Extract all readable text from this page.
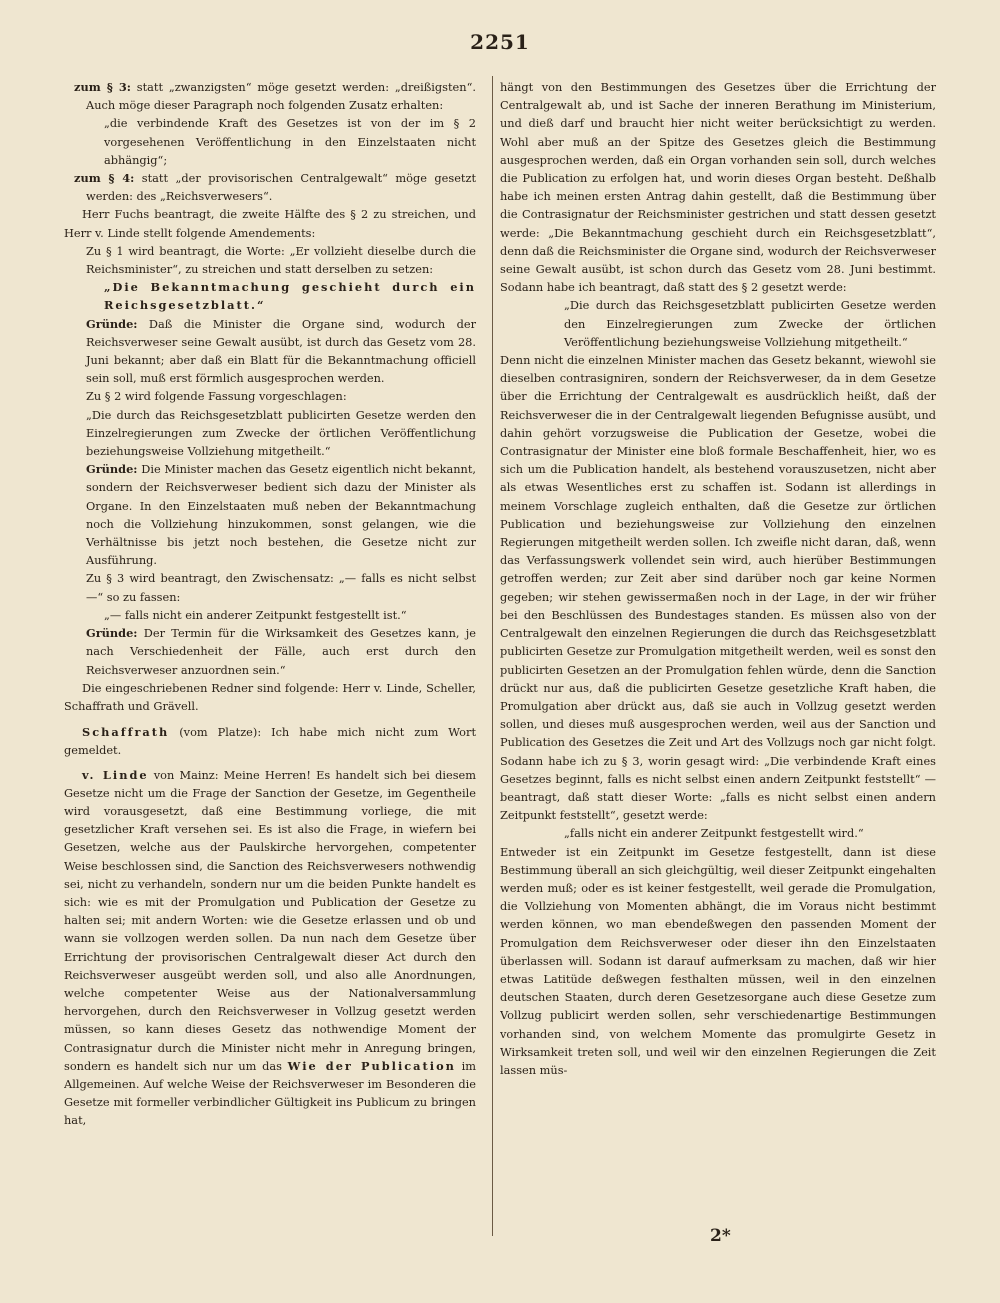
2251

zum § 3: statt „zwanzigsten“ möge gesetzt werden: „dreißigsten“. Auch möge dieser Paragraph noch folgenden Zusatz erhalten:

„die verbindende Kraft des Gesetzes ist von der im § 2 vorgesehenen Veröffentlichung in den Einzelstaaten nicht abhängig“;

zum § 4: statt „der provisorischen Centralgewalt“ möge gesetzt werden: des „Reichsverwesers“.

Herr Fuchs beantragt, die zweite Hälfte des § 2 zu streichen, und Herr v. Linde stellt folgende Amendements:

Zu § 1 wird beantragt, die Worte: „Er vollzieht dieselbe durch die Reichsminister“, zu streichen und statt derselben zu setzen:

„Die Bekanntmachung geschieht durch ein Reichsgesetzblatt.“

Gründe: Daß die Minister die Organe sind, wodurch der Reichsverweser seine Gewalt ausübt, ist durch das Gesetz vom 28. Juni bekannt; aber daß ein Blatt für die Bekanntmachung officiell sein soll, muß erst förmlich ausgesprochen werden.

Zu § 2 wird folgende Fassung vorgeschlagen:

„Die durch das Reichsgesetzblatt publicirten Gesetze werden den Einzelregierungen zum Zwecke der örtlichen Veröffentlichung beziehungsweise Vollziehung mitgetheilt.“

Gründe: Die Minister machen das Gesetz eigentlich nicht bekannt, sondern der Reichsverweser bedient sich dazu der Minister als Organe. In den Einzelstaaten muß neben der Bekanntmachung noch die Vollziehung hinzukommen, sonst gelangen, wie die Verhältnisse bis jetzt noch bestehen, die Gesetze nicht zur Ausführung.

Zu § 3 wird beantragt, den Zwischensatz: „— falls es nicht selbst —“ so zu fassen:

„— falls nicht ein anderer Zeitpunkt festgestellt ist.“

Gründe: Der Termin für die Wirksamkeit des Gesetzes kann, je nach Verschiedenheit der Fälle, auch erst durch den Reichsverweser anzuordnen sein.“

Die eingeschriebenen Redner sind folgende: Herr v. Linde, Scheller, Schaffrath und Grävell.

Schaffrath (vom Platze): Ich habe mich nicht zum Wort gemeldet.

v. Linde von Mainz: Meine Herren! Es handelt sich bei diesem Gesetze nicht um die Frage der Sanction der Gesetze, im Gegentheile wird vorausgesetzt, daß eine Bestimmung vorliege, die mit gesetzlicher Kraft versehen sei. Es ist also die Frage, in wiefern bei Gesetzen, welche aus der Paulskirche hervorgehen, competenter Weise beschlossen sind, die Sanction des Reichsverwesers nothwendig sei, nicht zu verhandeln, sondern nur um die beiden Punkte handelt es sich: wie es mit der Promulgation und Publication der Gesetze zu halten sei; mit andern Worten: wie die Gesetze erlassen und ob und wann sie vollzogen werden sollen. Da nun nach dem Gesetze über Errichtung der provisorischen Centralgewalt dieser Act durch den Reichsverweser ausgeübt werden soll, und also alle Anordnungen, welche competenter Weise aus der Nationalversammlung hervorgehen, durch den Reichsverweser in Vollzug gesetzt werden müssen, so kann dieses Gesetz das nothwendige Moment der Contrasignatur durch die Minister nicht mehr in Anregung bringen, sondern es handelt sich nur um das Wie der Publication im Allgemeinen. Auf welche Weise der Reichsverweser im Besonderen die Gesetze mit formeller verbindlicher Gültigkeit ins Publicum zu bringen hat,

hängt von den Bestimmungen des Gesetzes über die Errichtung der Centralgewalt ab, und ist Sache der inneren Berathung im Ministerium, und dieß darf und braucht hier nicht weiter berücksichtigt zu werden. Wohl aber muß an der Spitze des Gesetzes gleich die Bestimmung ausgesprochen werden, daß ein Organ vorhanden sein soll, durch welches die Publication zu erfolgen hat, und worin dieses Organ besteht. Deßhalb habe ich meinen ersten Antrag dahin gestellt, daß die Bestimmung über die Contrasignatur der Reichsminister gestrichen und statt dessen gesetzt werde: „Die Bekanntmachung geschieht durch ein Reichsgesetzblatt“, denn daß die Reichsminister die Organe sind, wodurch der Reichsverweser seine Gewalt ausübt, ist schon durch das Gesetz vom 28. Juni bestimmt. Sodann habe ich beantragt, daß statt des § 2 gesetzt werde:

„Die durch das Reichsgesetzblatt publicirten Gesetze werden den Einzelregierungen zum Zwecke der örtlichen Veröffentlichung beziehungsweise Vollziehung mitgetheilt.“

Denn nicht die einzelnen Minister machen das Gesetz bekannt, wiewohl sie dieselben contrasigniren, sondern der Reichsverweser, da in dem Gesetze über die Errichtung der Centralgewalt es ausdrücklich heißt, daß der Reichsverweser die in der Centralgewalt liegenden Befugnisse ausübt, und dahin gehört vorzugsweise die Publication der Gesetze, wobei die Contrasignatur der Minister eine bloß formale Beschaffenheit, hier, wo es sich um die Publication handelt, als bestehend vorauszusetzen, nicht aber als etwas Wesentliches erst zu schaffen ist. Sodann ist allerdings in meinem Vorschlage zugleich enthalten, daß die Gesetze zur örtlichen Publication und beziehungsweise zur Vollziehung den einzelnen Regierungen mitgetheilt werden sollen. Ich zweifle nicht daran, daß, wenn das Verfassungswerk vollendet sein wird, auch hierüber Bestimmungen getroffen werden; zur Zeit aber sind darüber noch gar keine Normen gegeben; wir stehen gewissermaßen noch in der Lage, in der wir früher bei den Beschlüssen des Bundestages standen. Es müssen also von der Centralgewalt den einzelnen Regierungen die durch das Reichsgesetzblatt publicirten Gesetze zur Promulgation mitgetheilt werden, weil es sonst den publicirten Gesetzen an der Promulgation fehlen würde, denn die Sanction drückt nur aus, daß die publicirten Gesetze gesetzliche Kraft haben, die Promulgation aber drückt aus, daß sie auch in Vollzug gesetzt werden sollen, und dieses muß ausgesprochen werden, weil aus der Sanction und Publication des Gesetzes die Zeit und Art des Vollzugs noch gar nicht folgt. Sodann habe ich zu § 3, worin gesagt wird: „Die verbindende Kraft eines Gesetzes beginnt, falls es nicht selbst einen andern Zeitpunkt feststellt“ — beantragt, daß statt dieser Worte: „falls es nicht selbst einen andern Zeitpunkt feststellt“, gesetzt werde:

„falls nicht ein anderer Zeitpunkt festgestellt wird.“

Entweder ist ein Zeitpunkt im Gesetze festgestellt, dann ist diese Bestimmung überall an sich gleichgültig, weil dieser Zeitpunkt eingehalten werden muß; oder es ist keiner festgestellt, weil gerade die Promulgation, die Vollziehung von Momenten abhängt, die im Voraus nicht bestimmt werden können, wo man ebendeßwegen den passenden Moment der Promulgation dem Reichsverweser oder dieser ihn den Einzelstaaten überlassen will. Sodann ist darauf aufmerksam zu machen, daß wir hier etwas Latitüde deßwegen festhalten müssen, weil in den einzelnen deutschen Staaten, durch deren Gesetzesorgane auch diese Gesetze zum Vollzug publicirt werden sollen, sehr verschiedenartige Bestimmungen vorhanden sind, von welchem Momente das promulgirte Gesetz in Wirksamkeit treten soll, und weil wir den einzelnen Regierungen die Zeit lassen müs-

2*
